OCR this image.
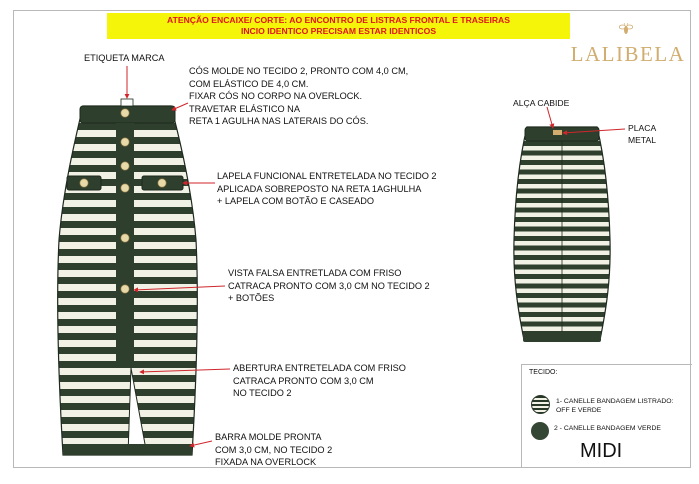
ATENÇÃO ENCAIXE/ CORTE: AO ENCONTRO DE LISTRAS FRONTAL E TRASEIRAS
INCIO IDENTICO PRECISAM ESTAR IDENTICOS
LALIBELA
ETIQUETA MARCA
CÓS MOLDE NO TECIDO 2, PRONTO COM 4,0 CM,
COM ELÁSTICO DE 4,0 CM.
FIXAR CÓS NO CORPO NA OVERLOCK.
TRAVETAR ELÁSTICO NA
RETA 1 AGULHA NAS LATERAIS DO CÓS.
LAPELA FUNCIONAL ENTRETELADA NO TECIDO 2
APLICADA SOBREPOSTO NA RETA 1AGHULHA
+ LAPELA COM BOTÃO E CASEADO
VISTA FALSA ENTRETLADA COM FRISO
CATRACA PRONTO COM 3,0 CM NO TECIDO 2
+ BOTÕES
ABERTURA ENTRETELADA COM FRISO
CATRACA PRONTO COM 3,0 CM
NO TECIDO 2
BARRA MOLDE PRONTA
COM 3,0 CM, NO TECIDO 2
FIXADA NA OVERLOCK
ALÇA CABIDE
PLACA
METAL
TECIDO:
1- CANELLE BANDAGEM LISTRADO:
OFF E VERDE
2 - CANELLE BANDAGEM VERDE
MIDI
